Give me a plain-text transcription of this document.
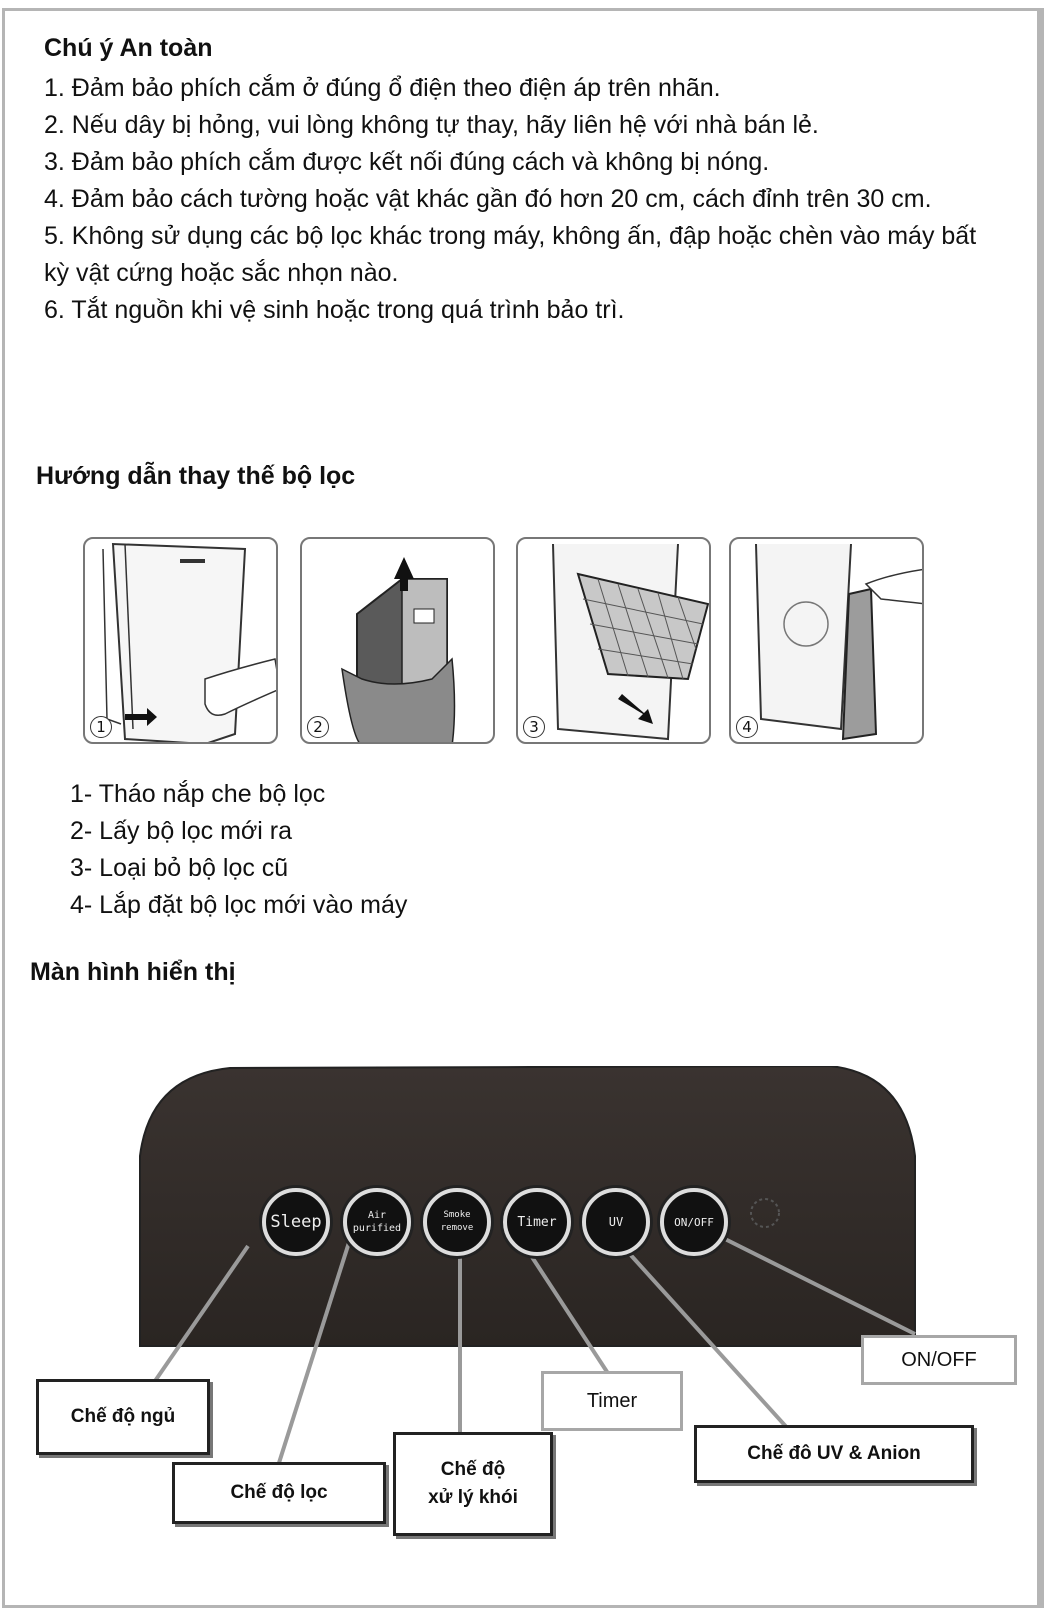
Chú ý An toàn
1. Đảm bảo phích cắm ở đúng ổ điện theo điện áp trên nhãn.
2. Nếu dây bị hỏng, vui lòng không tự thay, hãy liên hệ với nhà bán lẻ.
3. Đảm bảo phích cắm được kết nối đúng cách và không bị nóng.
4. Đảm bảo cách tường hoặc vật khác gần đó hơn 20 cm, cách đỉnh trên 30 cm.
5. Không sử dụng các bộ lọc khác trong máy, không ấn, đập hoặc chèn vào máy bất kỳ vật cứng hoặc sắc nhọn nào.
6. Tắt nguồn khi vệ sinh hoặc trong quá trình bảo trì.
Hướng dẫn thay thế bộ lọc
1	2	3	4
1- Tháo nắp che bộ lọc
2- Lấy bộ lọc mới ra
3- Loại bỏ bộ lọc cũ
4- Lắp đặt bộ lọc mới vào máy
Màn hình hiển thị
Sleep	Air
purified
Smoke
remove	Timer	UV	ON/OFF
Chế độ ngủ
Chế độ lọc
Chế độ
xử lý khói
Timer
Chế đô UV & Anion
ON/OFF
